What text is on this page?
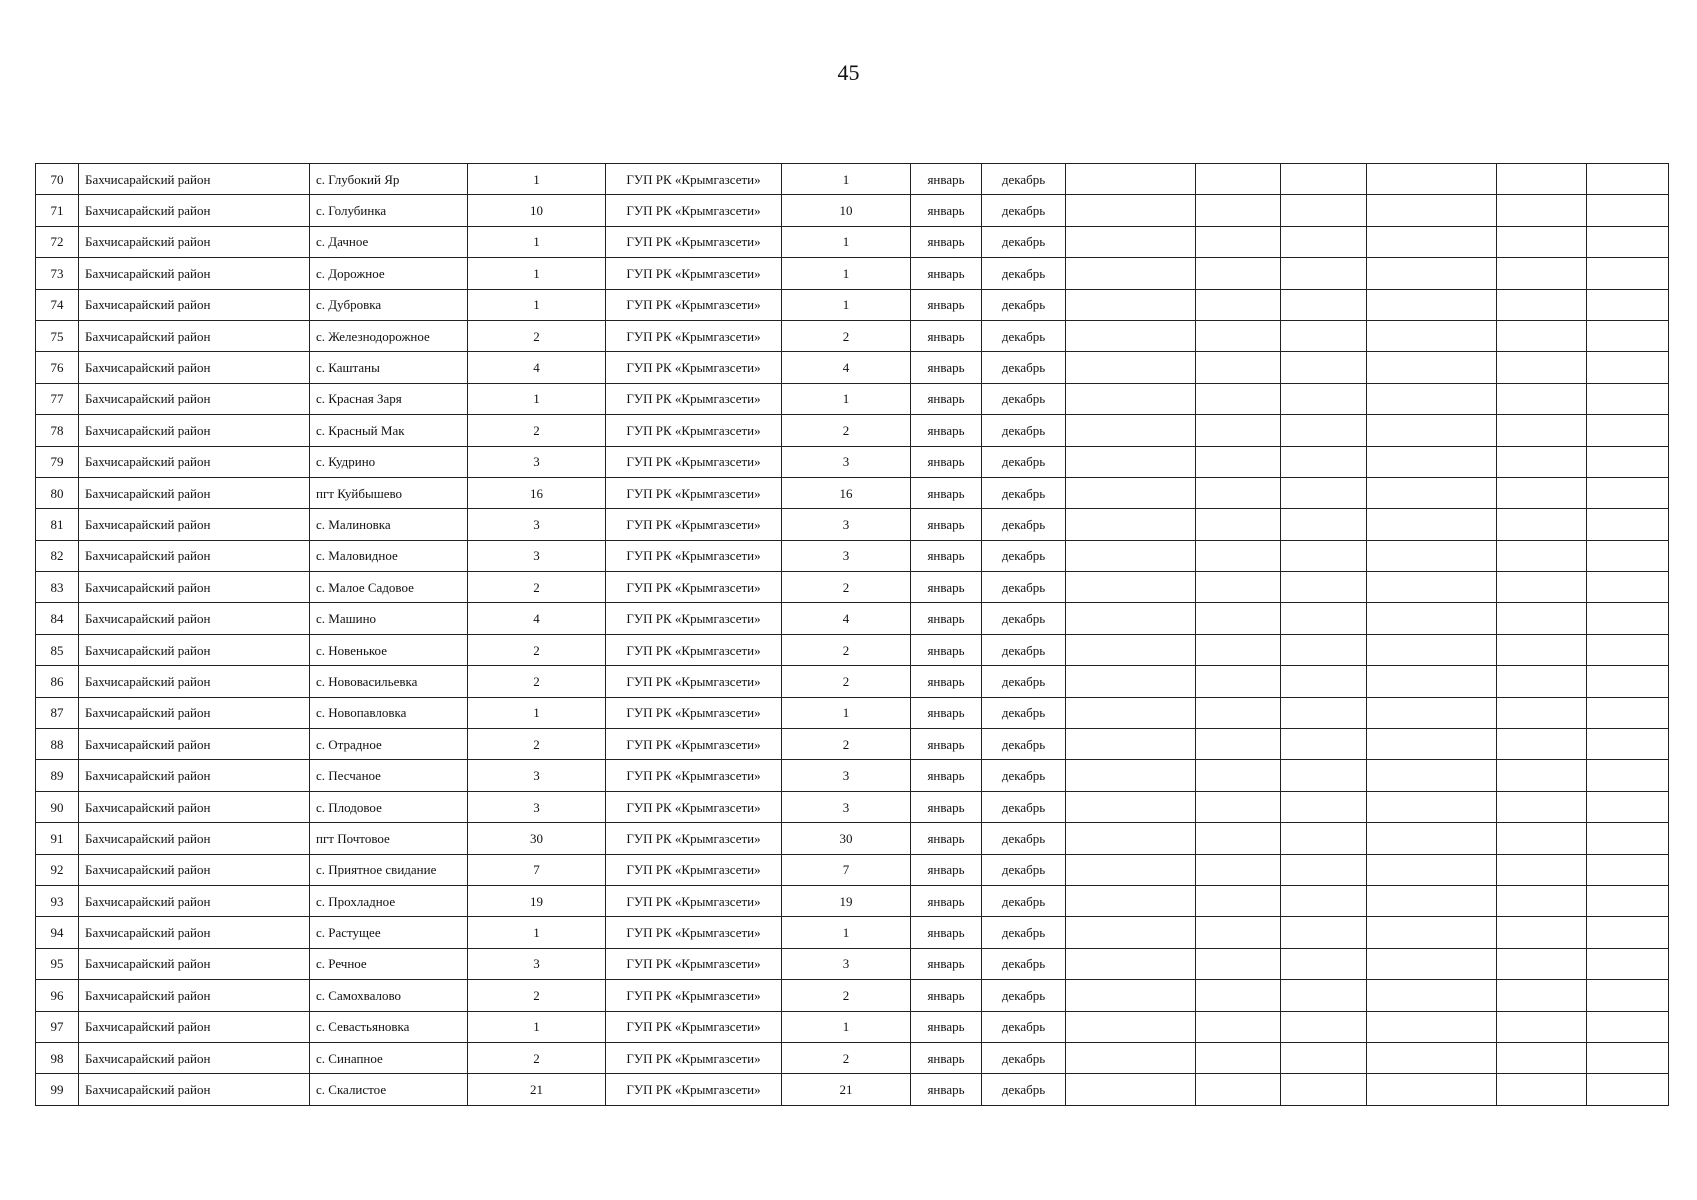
45
70	Бахчисарайский район	с. Глубокий Яр	1	ГУП РК «Крымгазсети»	1	январь	декабрь						
71	Бахчисарайский район	с. Голубинка	10	ГУП РК «Крымгазсети»	10	январь	декабрь						
72	Бахчисарайский район	с. Дачное	1	ГУП РК «Крымгазсети»	1	январь	декабрь						
73	Бахчисарайский район	с. Дорожное	1	ГУП РК «Крымгазсети»	1	январь	декабрь						
74	Бахчисарайский район	с. Дубровка	1	ГУП РК «Крымгазсети»	1	январь	декабрь						
75	Бахчисарайский район	с. Железнодорожное	2	ГУП РК «Крымгазсети»	2	январь	декабрь						
76	Бахчисарайский район	с. Каштаны	4	ГУП РК «Крымгазсети»	4	январь	декабрь						
77	Бахчисарайский район	с. Красная Заря	1	ГУП РК «Крымгазсети»	1	январь	декабрь						
78	Бахчисарайский район	с. Красный Мак	2	ГУП РК «Крымгазсети»	2	январь	декабрь						
79	Бахчисарайский район	с. Кудрино	3	ГУП РК «Крымгазсети»	3	январь	декабрь						
80	Бахчисарайский район	пгт Куйбышево	16	ГУП РК «Крымгазсети»	16	январь	декабрь						
81	Бахчисарайский район	с. Малиновка	3	ГУП РК «Крымгазсети»	3	январь	декабрь						
82	Бахчисарайский район	с. Маловидное	3	ГУП РК «Крымгазсети»	3	январь	декабрь						
83	Бахчисарайский район	с. Малое Садовое	2	ГУП РК «Крымгазсети»	2	январь	декабрь						
84	Бахчисарайский район	с. Машино	4	ГУП РК «Крымгазсети»	4	январь	декабрь						
85	Бахчисарайский район	с. Новенькое	2	ГУП РК «Крымгазсети»	2	январь	декабрь						
86	Бахчисарайский район	с. Нововасильевка	2	ГУП РК «Крымгазсети»	2	январь	декабрь						
87	Бахчисарайский район	с. Новопавловка	1	ГУП РК «Крымгазсети»	1	январь	декабрь						
88	Бахчисарайский район	с. Отрадное	2	ГУП РК «Крымгазсети»	2	январь	декабрь						
89	Бахчисарайский район	с. Песчаное	3	ГУП РК «Крымгазсети»	3	январь	декабрь						
90	Бахчисарайский район	с. Плодовое	3	ГУП РК «Крымгазсети»	3	январь	декабрь						
91	Бахчисарайский район	пгт Почтовое	30	ГУП РК «Крымгазсети»	30	январь	декабрь						
92	Бахчисарайский район	с. Приятное свидание	7	ГУП РК «Крымгазсети»	7	январь	декабрь						
93	Бахчисарайский район	с. Прохладное	19	ГУП РК «Крымгазсети»	19	январь	декабрь						
94	Бахчисарайский район	с. Растущее	1	ГУП РК «Крымгазсети»	1	январь	декабрь						
95	Бахчисарайский район	с. Речное	3	ГУП РК «Крымгазсети»	3	январь	декабрь						
96	Бахчисарайский район	с. Самохвалово	2	ГУП РК «Крымгазсети»	2	январь	декабрь						
97	Бахчисарайский район	с. Севастьяновка	1	ГУП РК «Крымгазсети»	1	январь	декабрь						
98	Бахчисарайский район	с. Синапное	2	ГУП РК «Крымгазсети»	2	январь	декабрь						
99	Бахчисарайский район	с. Скалистое	21	ГУП РК «Крымгазсети»	21	январь	декабрь						
